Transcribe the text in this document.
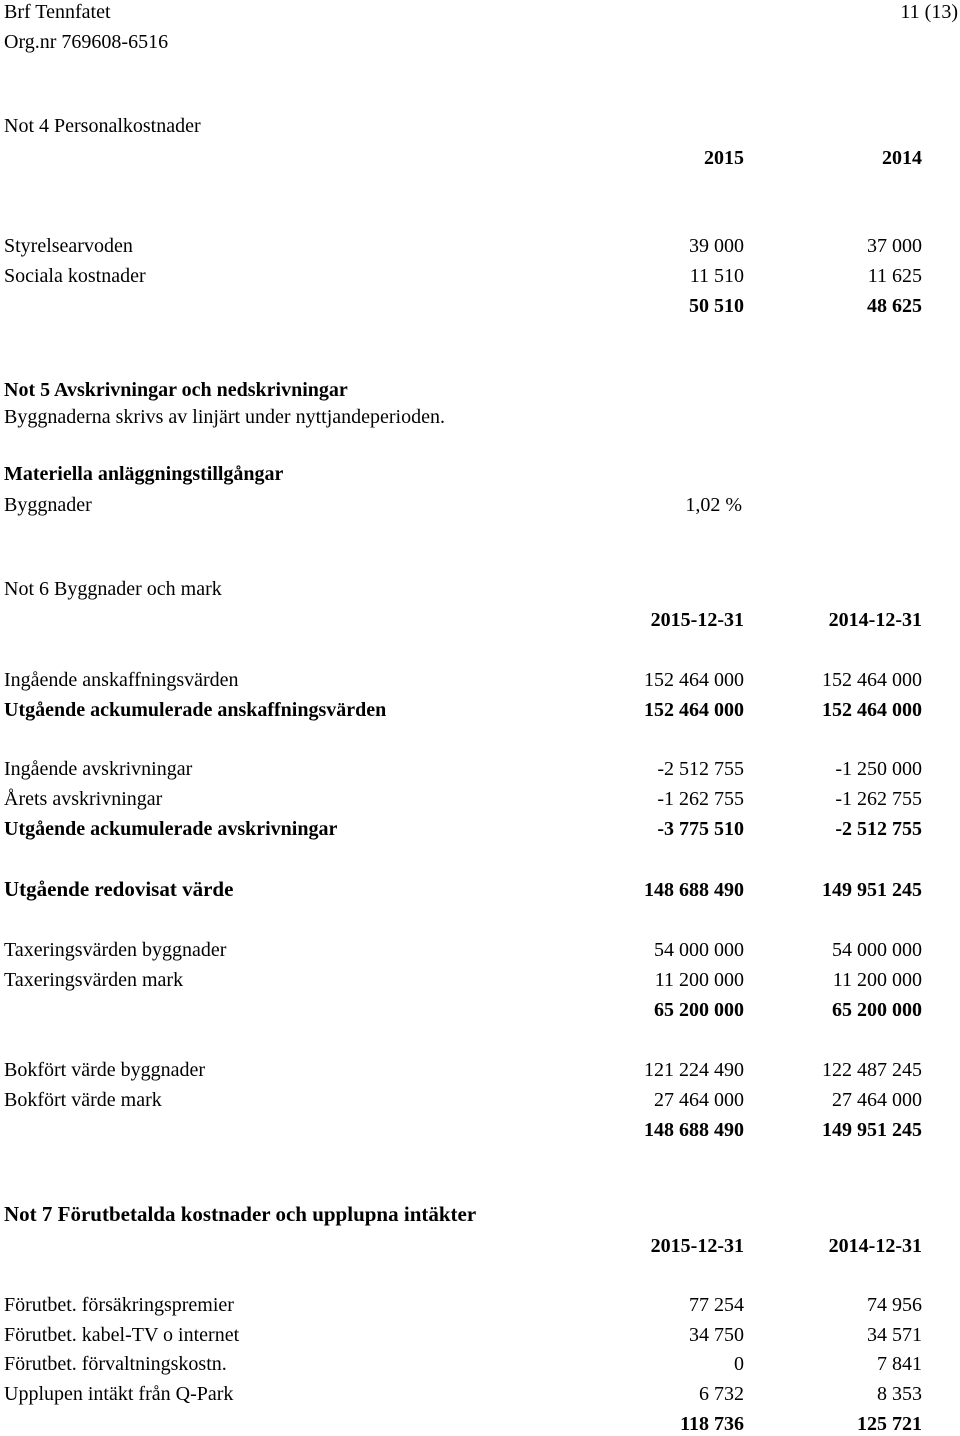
Brf Tennfatet
Org.nr 769608-6516
11 (13)
Not 4 Personalkostnader
2015	2014
Styrelsearvoden	39 000	37 000
Sociala kostnader	11 510	11 625
50 510	48 625
Not 5 Avskrivningar och nedskrivningar
Byggnaderna skrivs av linjärt under nyttjandeperioden.
Materiella anläggningstillgångar
Byggnader	1,02 %
Not 6 Byggnader och mark
2015-12-31	2014-12-31
Ingående anskaffningsvärden	152 464 000	152 464 000
Utgående ackumulerade anskaffningsvärden	152 464 000	152 464 000
Ingående avskrivningar	-2 512 755	-1 250 000
Årets avskrivningar	-1 262 755	-1 262 755
Utgående ackumulerade avskrivningar	-3 775 510	-2 512 755
Utgående redovisat värde	148 688 490	149 951 245
Taxeringsvärden byggnader	54 000 000	54 000 000
Taxeringsvärden mark	11 200 000	11 200 000
65 200 000	65 200 000
Bokfört värde byggnader	121 224 490	122 487 245
Bokfört värde mark	27 464 000	27 464 000
148 688 490	149 951 245
Not 7 Förutbetalda kostnader och upplupna intäkter
2015-12-31	2014-12-31
Förutbet. försäkringspremier	77 254	74 956
Förutbet. kabel-TV o internet	34 750	34 571
Förutbet. förvaltningskostn.	0	7 841
Upplupen intäkt från Q-Park	6 732	8 353
118 736	125 721
